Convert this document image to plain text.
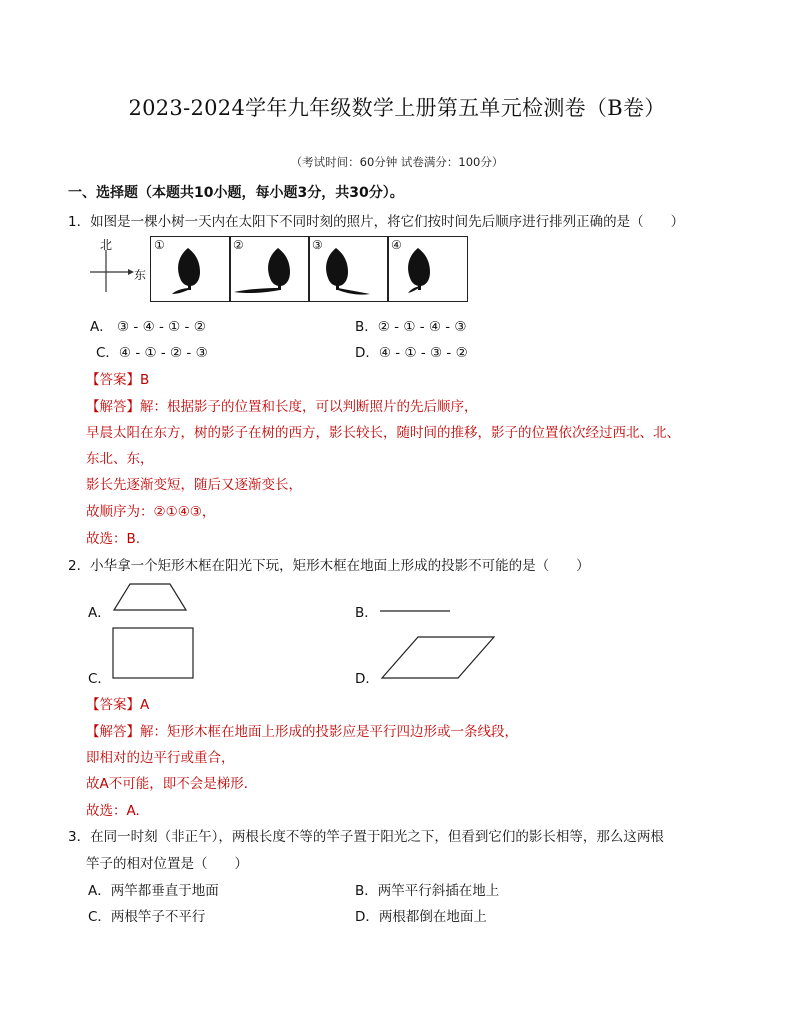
2023-2024学年九年级数学上册第五单元检测卷（B卷）
（考试时间：60分钟 试卷满分：100分）
一、选择题（本题共10小题，每小题3分，共30分）。
1．如图是一棵小树一天内在太阳下不同时刻的照片，将它们按时间先后顺序进行排列正确的是（　　）
北
东
①	②	③	④
A． ③ - ④ - ① - ②	B．② - ① - ④ - ③
C．④ - ① - ② - ③	D．④ - ① - ③ - ②
【答案】B
【解答】解：根据影子的位置和长度，可以判断照片的先后顺序，
早晨太阳在东方，树的影子在树的西方，影长较长，随时间的推移，影子的位置依次经过西北、北、
东北、东，
影长先逐渐变短，随后又逐渐变长，
故顺序为：②①④③，
故选：B.
2．小华拿一个矩形木框在阳光下玩，矩形木框在地面上形成的投影不可能的是（　　）
A．	B．
C．	D．
【答案】A
【解答】解：矩形木框在地面上形成的投影应是平行四边形或一条线段，
即相对的边平行或重合，
故A不可能，即不会是梯形．
故选：A.
3．在同一时刻（非正午），两根长度不等的竿子置于阳光之下，但看到它们的影长相等，那么这两根
竿子的相对位置是（　　）
A．两竿都垂直于地面	B．两竿平行斜插在地上
C．两根竿子不平行	D．两根都倒在地面上
